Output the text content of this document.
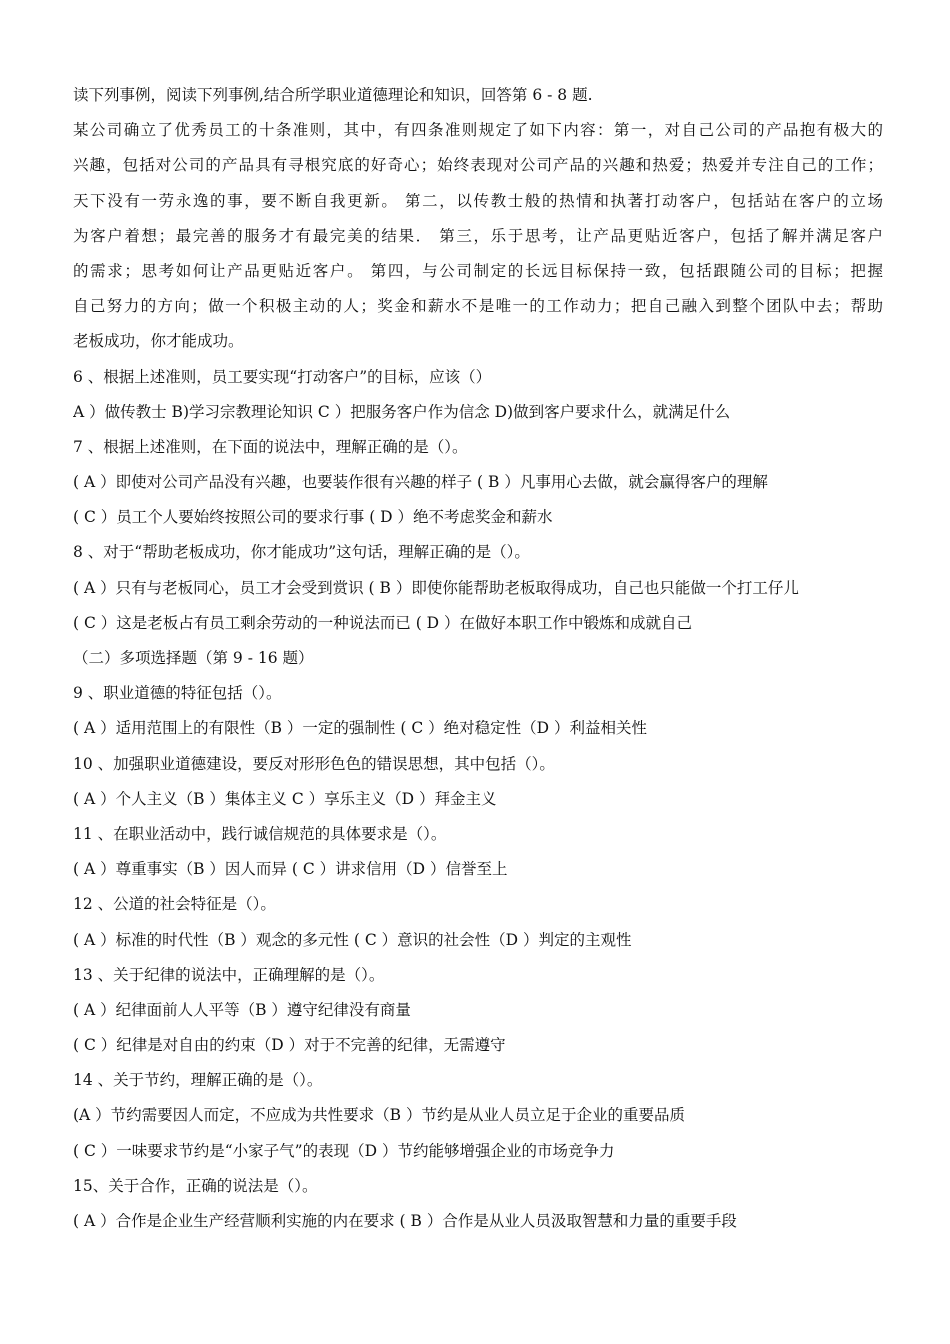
读下列事例，阅读下列事例,结合所学职业道德理论和知识，回答第 6 - 8 题.
某公司确立了优秀员工的十条准则，其中，有四条准则规定了如下内容：第一，对自己公司的产品抱有极大的
兴趣，包括对公司的产品具有寻根究底的好奇心；始终表现对公司产品的兴趣和热爱；热爱并专注自己的工作；
天下没有一劳永逸的事，要不断自我更新。 第二，以传教士般的热情和执著打动客户，包括站在客户的立场
为客户着想；最完善的服务才有最完美的结果． 第三，乐于思考，让产品更贴近客户，包括了解并满足客户
的需求；思考如何让产品更贴近客户。 第四，与公司制定的长远目标保持一致，包括跟随公司的目标；把握
自己努力的方向；做一个积极主动的人；奖金和薪水不是唯一的工作动力；把自己融入到整个团队中去；帮助
老板成功，你才能成功。
6 、根据上述准则，员工要实现“打动客户”的目标，应该（）
A ）做传教士 B)学习宗教理论知识 C ）把服务客户作为信念 D)做到客户要求什么，就满足什么
7 、根据上述准则，在下面的说法中，理解正确的是（）。
( A ）即使对公司产品没有兴趣，也要装作很有兴趣的样子 ( B ）凡事用心去做，就会赢得客户的理解
( C ）员工个人要始终按照公司的要求行事 ( D ）绝不考虑奖金和薪水
8 、对于“帮助老板成功，你才能成功”这句话，理解正确的是（）。
( A ）只有与老板同心，员工才会受到赏识 ( B ）即使你能帮助老板取得成功，自己也只能做一个打工仔儿
( C ）这是老板占有员工剩余劳动的一种说法而已 ( D ）在做好本职工作中锻炼和成就自己
（二）多项选择题（第 9 - 16 题）
9 、职业道德的特征包括（）。
( A ）适用范围上的有限性（B ）一定的强制性 ( C ）绝对稳定性（D ）利益相关性
10 、加强职业道德建设，要反对形形色色的错误思想，其中包括（）。
( A ）个人主义（B ）集体主义 C ）享乐主义（D ）拜金主义
11 、在职业活动中，践行诚信规范的具体要求是（）。
( A ）尊重事实（B ）因人而异 ( C ）讲求信用（D ）信誉至上
12 、公道的社会特征是（）。
( A ）标准的时代性（B ）观念的多元性 ( C ）意识的社会性（D ）判定的主观性
13 、关于纪律的说法中，正确理解的是（）。
( A ）纪律面前人人平等（B ）遵守纪律没有商量
( C ）纪律是对自由的约束（D ）对于不完善的纪律，无需遵守
14 、关于节约，理解正确的是（）。
(A ）节约需要因人而定，不应成为共性要求（B ）节约是从业人员立足于企业的重要品质
( C ）一味要求节约是“小家子气”的表现（D ）节约能够增强企业的市场竞争力
15、关于合作，正确的说法是（）。
( A ）合作是企业生产经营顺利实施的内在要求 ( B ）合作是从业人员汲取智慧和力量的重要手段
